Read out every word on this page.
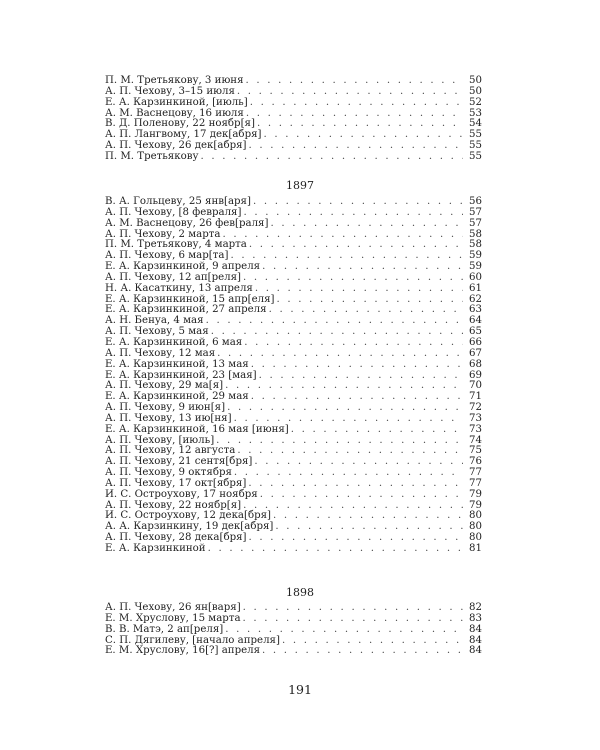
П. М. Третьякову, 3 июня . . .	50
А. П. Чехову, 3–15 июля . . .	50
Е. А. Карзинкиной, [июль] . . .	52
А. М. Васнецову, 16 июля . . .	53
В. Д. Поленову, 22 ноябр[я] . . .	54
А. П. Лангвому, 17 дек[абря] . . .	55
А. П. Чехову, 26 дек[абря] . . .	55
П. М. Третьякову . . .	55
1897
В. А. Гольцеву, 25 янв[аря] . . .	56
А. П. Чехову, [8 февраля] . . .	57
А. М. Васнецову, 26 фев[раля] . . .	57
А. П. Чехову, 2 марта . . .	58
П. М. Третьякову, 4 марта . . .	58
А. П. Чехову, 6 мар[та] . . .	59
Е. А. Карзинкиной, 9 апреля . . .	59
А. П. Чехову, 12 ап[реля] . . .	60
Н. А. Касаткину, 13 апреля . . .	61
Е. А. Карзинкиной, 15 апр[еля] . . .	62
Е. А. Карзинкиной, 27 апреля . . .	63
А. Н. Бенуа, 4 мая . . .	64
А. П. Чехову, 5 мая . . .	65
Е. А. Карзинкиной, 6 мая . . .	66
А. П. Чехову, 12 мая . . .	67
Е. А. Карзинкиной, 13 мая . . .	68
Е. А. Карзинкиной, 23 [мая] . . .	69
А. П. Чехову, 29 ма[я] . . .	70
Е. А. Карзинкиной, 29 мая . . .	71
А. П. Чехову, 9 июн[я] . . .	72
А. П. Чехову, 13 ию[ня] . . .	73
Е. А. Карзинкиной, 16 мая [июня] . . .	73
А. П. Чехову, [июль] . . .	74
А. П. Чехову, 12 августа . . .	75
А. П. Чехову, 21 сентя[бря] . . .	76
А. П. Чехову, 9 октября . . .	77
А. П. Чехову, 17 окт[ября] . . .	77
И. С. Остроухову, 17 ноября . . .	79
А. П. Чехову, 22 ноябр[я] . . .	79
И. С. Остроухову, 12 дека[бря] . . .	80
А. А. Карзинкину, 19 дек[абря] . . .	80
А. П. Чехову, 28 дека[бря] . . .	80
Е. А. Карзинкиной . . .	81
1898
А. П. Чехову, 26 ян[варя] . . .	82
Е. М. Хруслову, 15 марта . . .	83
В. В. Матэ, 2 ап[реля] . . .	84
С. П. Дягилеву, [начало апреля] . . .	84
Е. М. Хруслову, 16[?] апреля . . .	84
191
